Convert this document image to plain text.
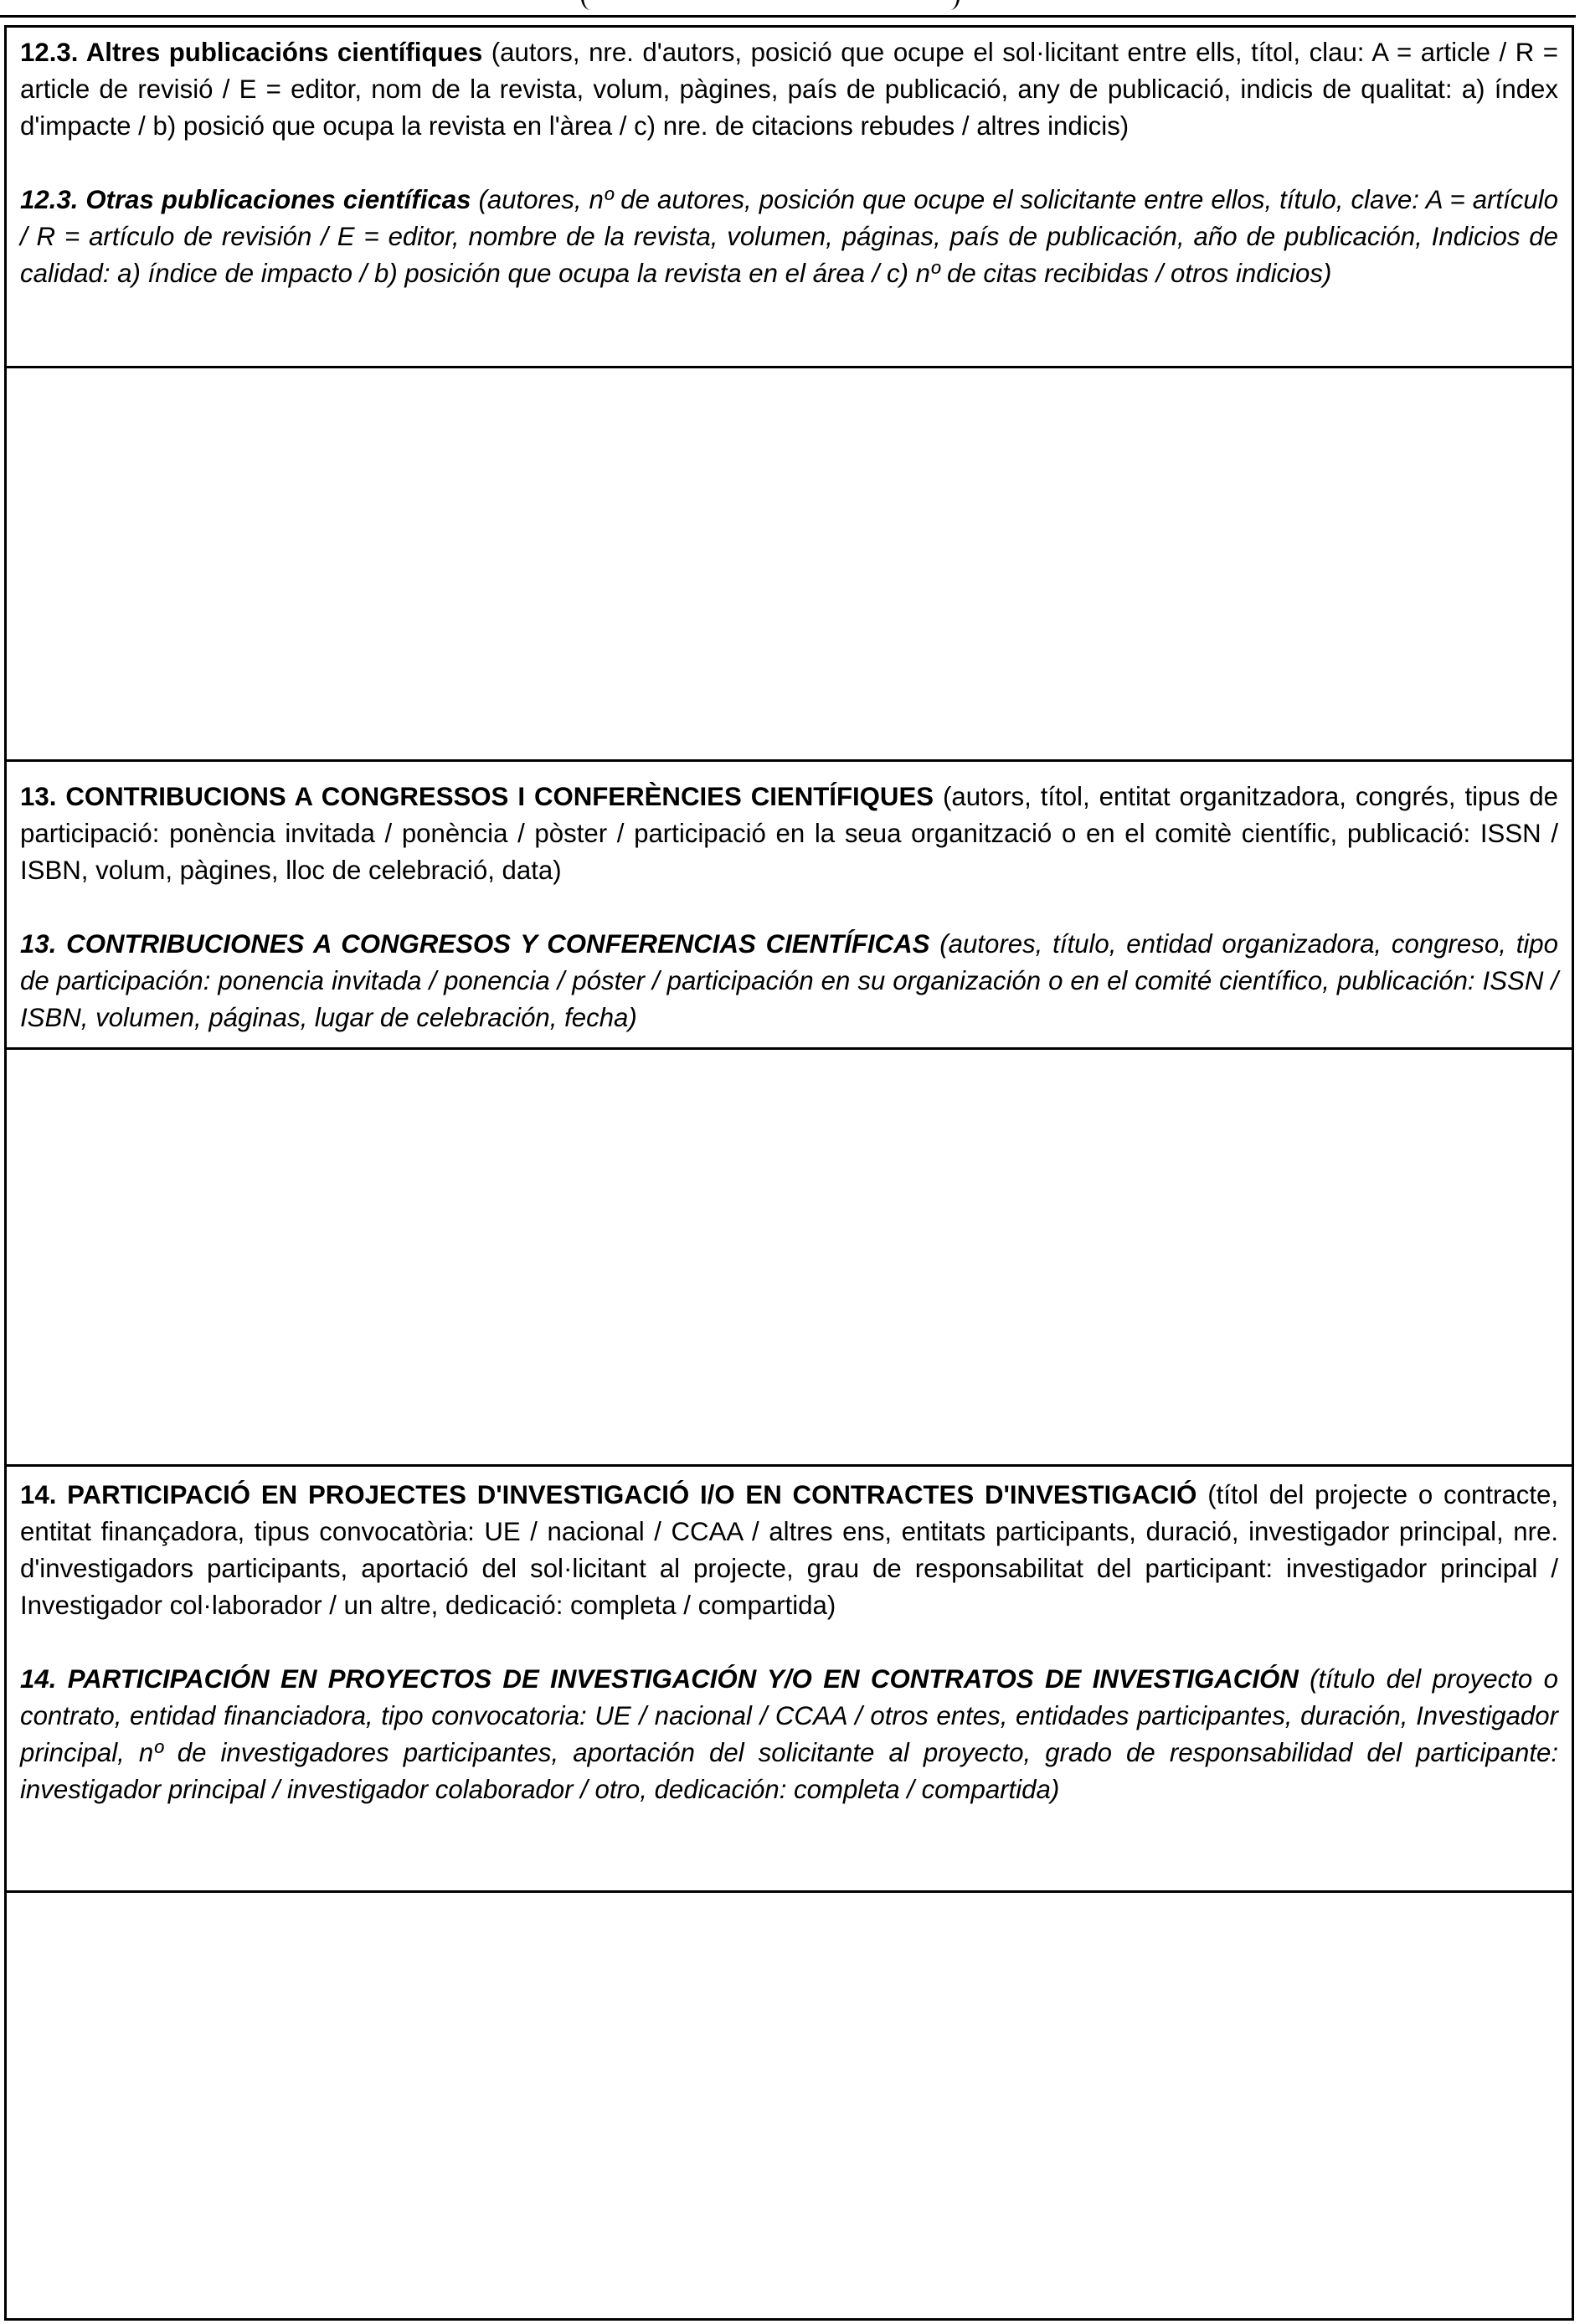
12.3. Altres publicacións científiques (autors, nre. d'autors, posició que ocupe el sol·licitant entre ells, títol, clau: A = article / R = article de revisió / E = editor, nom de la revista, volum, pàgines, país de publicació, any de publicació, indicis de qualitat: a) índex d'impacte / b) posició que ocupa la revista en l'àrea / c) nre. de citacions rebudes / altres indicis)

12.3. Otras publicaciones científicas (autores, nº de autores, posición que ocupe el solicitante entre ellos, título, clave: A = artículo / R = artículo de revisión / E = editor, nombre de la revista, volumen, páginas, país de publicación, año de publicación, Indicios de calidad: a) índice de impacto / b) posición que ocupa la revista en el área / c) nº de citas recibidas / otros indicios)

13. CONTRIBUCIONS A CONGRESSOS I CONFERÈNCIES CIENTÍFIQUES (autors, títol, entitat organitzadora, congrés, tipus de participació: ponència invitada / ponència / pòster / participació en la seua organització o en el comitè científic, publicació: ISSN / ISBN, volum, pàgines, lloc de celebració, data)

13. CONTRIBUCIONES A CONGRESOS Y CONFERENCIAS CIENTÍFICAS (autores, título, entidad organizadora, congreso, tipo de participación: ponencia invitada / ponencia / póster / participación en su organización o en el comité científico, publicación: ISSN / ISBN, volumen, páginas, lugar de celebración, fecha)

14. PARTICIPACIÓ EN PROJECTES D'INVESTIGACIÓ I/O EN CONTRACTES D'INVESTIGACIÓ (títol del projecte o contracte, entitat finançadora, tipus convocatòria: UE / nacional / CCAA / altres ens, entitats participants, duració, investigador principal, nre. d'investigadors participants, aportació del sol·licitant al projecte, grau de responsabilitat del participant: investigador principal / Investigador col·laborador / un altre, dedicació: completa / compartida)

14. PARTICIPACIÓN EN PROYECTOS DE INVESTIGACIÓN Y/O EN CONTRATOS DE INVESTIGACIÓN (título del proyecto o contrato, entidad financiadora, tipo convocatoria: UE / nacional / CCAA / otros entes, entidades participantes, duración, Investigador principal, nº de investigadores participantes, aportación del solicitante al proyecto, grado de responsabilidad del participante: investigador principal / investigador colaborador / otro, dedicación: completa / compartida)
